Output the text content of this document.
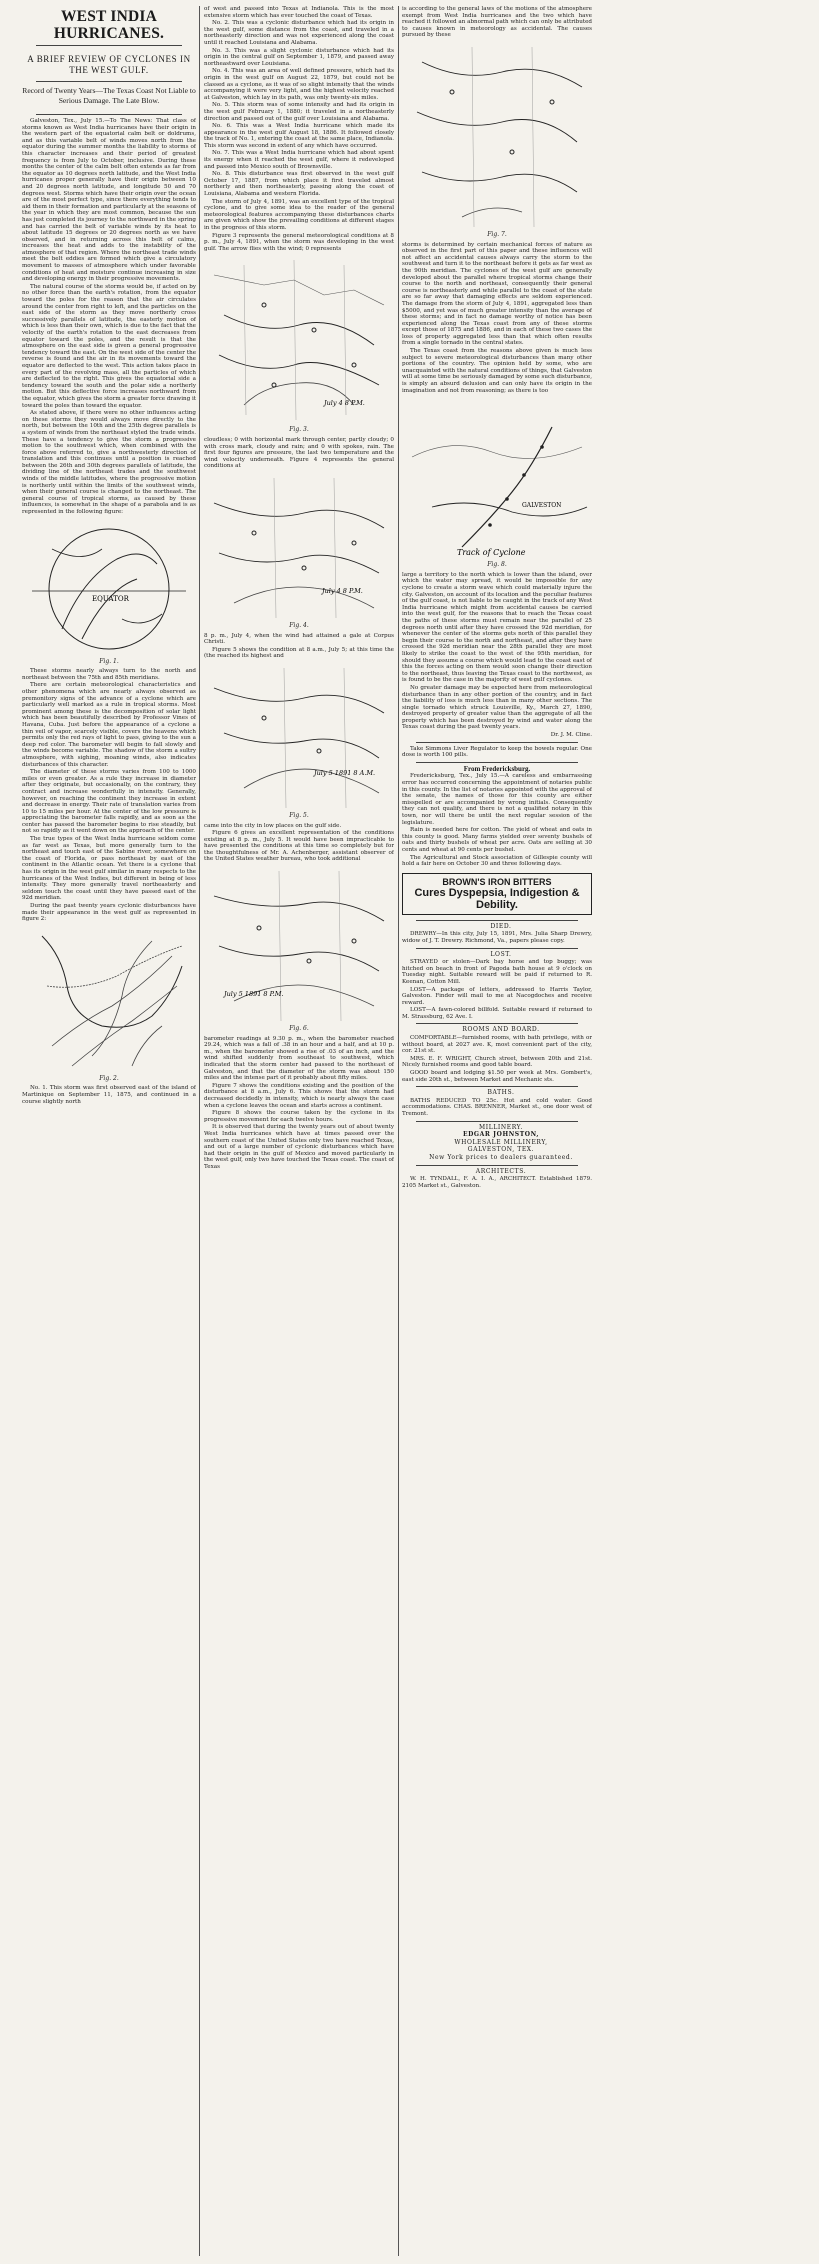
WEST INDIA HURRICANES.
A BRIEF REVIEW OF CYCLONES IN THE WEST GULF.
Record of Twenty Years—The Texas Coast Not Liable to Serious Damage. The Late Blow.

Galveston, Tex., July 15.—To The News: That class of storms known as West India hurricanes have their origin in the western part of the equatorial calm belt or doldrums, and as this variable belt of winds moves north from the equator during the summer months the liability to storms of this character increases and their period of greatest frequency is from July to October, inclusive. During these months the center of the calm belt often extends as far from the equator as 10 degrees north latitude, and the West India hurricanes proper generally have their origin between 10 and 20 degrees north latitude, and longitude 50 and 70 degrees west. Storms which have their origin over the ocean are of the most perfect type, since there everything tends to aid them in their formation and particularly at the seasons of the year in which they are most common, because the sun has just completed its journey to the northward in the spring and has carried the belt of variable winds by its heat to about latitude 15 degrees or 20 degrees north as we have observed, and in returning across this belt of calms, increases the heat and adds to the instability of the atmosphere of that region. Where the northeast trade winds meet the belt eddies are formed which give a circulatory movement to masses of atmosphere which under favorable conditions of heat and moisture continue increasing in size and developing energy in their progressive movements.

The natural course of the storms would be, if acted on by no other force than the earth's rotation, from the equator toward the poles for the reason that the air circulates around the center from right to left, and the particles on the east side of the storm as they move northerly cross successively parallels of latitude, the easterly motion of which is less than their own, which is due to the fact that the velocity of the earth's rotation to the east decreases from equator toward the poles, and the result is that the atmosphere on the east side is given a general progressive tendency toward the east. On the west side of the center the reverse is found and the air in its movements toward the equator are deflected to the west. This action takes place in every part of the revolving mass, all the particles of which are deflected to the right. This gives the equatorial side a tendency toward the south and the polar side a northerly motion. But this deflective force increases northward from the equator, which gives the storm a greater force drawing it toward the poles than toward the equator.

As stated above, if there were no other influences acting on these storms they would always move directly to the north, but between the 10th and the 25th degree parallels is a system of winds from the northeast styled the trade winds. These have a tendency to give the storm a progressive motion to the southwest which, when combined with the force above referred to, give a northwesterly direction of translation and this continues until a position is reached between the 26th and 30th degrees parallels of latitude, the dividing line of the northeast trades and the southwest winds of the middle latitudes, where the progressive motion is northerly until within the limits of the southwest winds, when their general course is changed to the northeast. The general course of tropical storms, as caused by these influences, is somewhat in the shape of a parabola and is as represented in the following figure:

EQUATOR

Fig. 1.

These storms nearly always turn to the north and northeast between the 75th and 85th meridians.

There are certain meteorological characteristics and other phenomena which are nearly always observed as premonitory signs of the advance of a cyclone which are particularly well marked as a rule in tropical storms. Most prominent among these is the decomposition of solar light which has been beautifully described by Professor Vines of Havana, Cuba. Just before the appearance of a cyclone a thin veil of vapor, scarcely visible, covers the heavens which permits only the red rays of light to pass, giving to the sun a deep red color. The barometer will begin to fall slowly and the winds become variable. The shadow of the storm a sultry atmosphere, with sighing, moaning winds, also indicates disturbances of this character.

The diameter of these storms varies from 100 to 1000 miles or even greater. As a rule they increase in diameter after they originate, but occasionally, on the contrary, they contract and increase wonderfully in intensity. Generally, however, on reaching the continent they increase in extent and decrease in energy. Their rate of translation varies from 10 to 15 miles per hour. At the center of the low pressure is appreciating the barometer falls rapidly, and as soon as the center has passed the barometer begins to rise steadily, but not so rapidly as it went down on the approach of the center.

The true types of the West India hurricane seldom come as far west as Texas, but more generally turn to the northeast and touch east of the Sabine river, somewhere on the coast of Florida, or pass northeast by east of the continent in the Atlantic ocean. Yet there is a cyclone that has its origin in the west gulf similar in many respects to the hurricanes of the West Indies, but different in being of less intensity. They more generally travel northeasterly and seldom touch the coast until they have passed east of the 92d meridian.

During the past twenty years cyclonic disturbances have made their appearance in the west gulf as represented in figure 2:

Fig. 2.

No. 1. This storm was first observed east of the island of Martinique on September 11, 1875, and continued in a course slightly north

of west and passed into Texas at Indianola. This is the most extensive storm which has ever touched the coast of Texas.

No. 2. This was a cyclonic disturbance which had its origin in the west gulf, some distance from the coast, and traveled in a northeasterly direction and was not experienced along the coast until it reached Louisiana and Alabama.

No. 3. This was a slight cyclonic disturbance which had its origin in the central gulf on September 1, 1879, and passed away northeastward over Louisiana.

No. 4. This was an area of well defined pressure, which had its origin in the west gulf on August 22, 1879, but could not be classed as a cyclone, as it was of so slight intensity that the winds accompanying it were very light, and the highest velocity reached at Galveston, which lay in its path, was only twenty-six miles.

No. 5. This storm was of some intensity and had its origin in the west gulf February 1, 1880; it traveled in a northeasterly direction and passed out of the gulf over Louisiana and Alabama.

No. 6. This was a West India hurricane which made its appearance in the west gulf August 18, 1886. It followed closely the track of No. 1, entering the coast at the same place, Indianola. This storm was second in extent of any which have occurred.

No. 7. This was a West India hurricane which had about spent its energy when it reached the west gulf, where it redeveloped and passed into Mexico south of Brownsville.

No. 8. This disturbance was first observed in the west gulf October 17, 1887, from which place it first traveled almost northerly and then northeasterly, passing along the coast of Louisiana, Alabama and western Florida.

The storm of July 4, 1891, was an excellent type of the tropical cyclone, and to give some idea to the reader of the general meteorological features accompanying these disturbances charts are given which show the prevailing conditions at different stages in the progress of this storm.

Figure 3 represents the general meteorological conditions at 8 p. m., July 4, 1891, when the storm was developing in the west gulf. The arrow flies with the wind; 0 represents

July 4 8 P.M.

Fig. 3.

cloudless; 0 with horizontal mark through center, partly cloudy; 0 with cross mark, cloudy and rain; and 0 with spokes, rain. The first four figures are pressure, the last two temperature and the wind velocity underneath. Figure 4 represents the general conditions at

July 4 8 P.M.

Fig. 4.

8 p. m., July 4, when the wind had attained a gale at Corpus Christi.

Figure 5 shows the condition at 8 a.m., July 5; at this time the (the reached its highest and

July 5 1891 8 A.M.

Fig. 5.

came into the city in low places on the gulf side.

Figure 6 gives an excellent representation of the conditions existing at 8 p. m., July 5. It would have been impracticable to have presented the conditions at this time so completely but for the thoughtfulness of Mr. A. Achenberger, assistant observer of the United States weather bureau, who took additional

July 5 1891 8 P.M.

Fig. 6.

barometer readings at 9.30 p. m., when the barometer reached 29.24, which was a fall of .38 in an hour and a half, and at 10 p. m., when the barometer showed a rise of .03 of an inch, and the wind shifted suddenly from southeast to southwest, which indicated that the storm center had passed to the northeast of Galveston, and that the diameter of the storm was about 150 miles and the intense part of it probably about fifty miles.

Figure 7 shows the conditions existing and the position of the disturbance at 8 a.m., July 6. This shows that the storm had decreased decidedly in intensity, which is nearly always the case when a cyclone leaves the ocean and starts across a continent.

Figure 8 shows the course taken by the cyclone in its progressive movement for each twelve hours.

It is observed that during the twenty years out of about twenty West India hurricanes which have at times passed over the southern coast of the United States only two have reached Texas, and out of a large number of cyclonic disturbances which have had their origin in the gulf of Mexico and moved particularly in the west gulf, only two have touched the Texas coast. The coast of Texas

is according to the general laws of the motions of the atmosphere exempt from West India hurricanes and the two which have reached it followed an abnormal path which can only be attributed to causes known in meteorology as accidental. The causes pursued by these

Fig. 7.

storms is determined by certain mechanical forces of nature as observed in the first part of this paper and these influences will not affect an accidental causes always carry the storm to the southwest and turn it to the northeast before it gets as far west as the 90th meridian. The cyclones of the west gulf are generally developed about the parallel where tropical storms change their course to the north and northeast, consequently their general course is northeasterly and while parallel to the coast of the state are so far away that damaging effects are seldom experienced. The damage from the storm of July 4, 1891, aggregated less than $5000, and yet was of much greater intensity than the average of these storms; and in fact no damage worthy of notice has been experienced along the Texas coast from any of these storms except those of 1875 and 1886, and in each of these two cases the loss of property aggregated less than that which often results from a single tornado in the central states.

The Texas coast from the reasons above given is much less subject to severe meteorological disturbances than many other portions of the country. The opinion held by some, who are unacquainted with the natural conditions of things, that Galveston will at some time be seriously damaged by some such disturbance, is simply an absurd delusion and can only have its origin in the imagination and not from reasoning; as there is too

GALVESTON
Track of Cyclone

Fig. 8.

large a territory to the north which is lower than the island, over which the water may spread, it would be impossible for any cyclone to create a storm wave which could materially injure the city. Galveston, on account of its location and the peculiar features of the gulf coast, is not liable to be caught in the track of any West India hurricane which might from accidental causes be carried into the west gulf, for the reasons that to reach the Texas coast the paths of these storms must remain near the parallel of 25 degrees north until after they have crossed the 92d meridian, for whenever the center of the storms gets north of this parallel they begin their course to the north and northeast, and after they have crossed the 92d meridian near the 28th parallel they are most likely to strike the coast to the west of the 95th meridian, for should they assume a course which would lead to the coast east of this the forces acting on them would soon change their direction to the northeast, thus leaving the Texas coast to the northwest, as is found to be the case in the majority of west gulf cyclones.

No greater damage may be expected here from meteorological disturbance than in any other portion of the country, and in fact the liability of loss is much less than in many other sections. The single tornado which struck Louisville, Ky., March 27, 1890, destroyed property of greater value than the aggregate of all the property which has been destroyed by wind and water along the Texas coast during the past twenty years.

Dr. J. M. Cline.

Take Simmons Liver Regulator to keep the bowels regular. One dose is worth 100 pills.

From Fredericksburg.

Fredericksburg, Tex., July 15.—A careless and embarrassing error has occurred concerning the appointment of notaries public in this county. In the list of notaries appointed with the approval of the senate, the names of those for this county are either misspelled or are accompanied by wrong initials. Consequently they can not qualify, and there is not a qualified notary in this town, nor will there be until the next regular session of the legislature.

Rain is needed here for cotton. The yield of wheat and oats in this county is good. Many farms yielded over seventy bushels of oats and thirty bushels of wheat per acre. Oats are selling at 30 cents and wheat at 90 cents per bushel.

The Agricultural and Stock association of Gillespie county will hold a fair here on October 30 and three following days.

BROWN'S IRON BITTERS
Cures Dyspepsia, Indigestion & Debility.

DIED.

DREWRY—In this city, July 15, 1891, Mrs. Julia Sharp Drewry, widow of J. T. Drewry. Richmond, Va., papers please copy.

LOST.

STRAYED or stolen—Dark bay horse and top buggy; was hitched on beach in front of Pagoda bath house at 9 o'clock on Tuesday night. Suitable reward will be paid if returned to R. Keenan, Cotton Mill.

LOST—A package of letters, addressed to Harris Taylor, Galveston. Finder will mail to me at Nacogdoches and receive reward.

LOST—A fawn-colored billfold. Suitable reward if returned to M. Strassburg, 62 Ave. I.

ROOMS AND BOARD.

COMFORTABLE—furnished rooms, with bath privilege, with or without board, at 2027 ave. K, most convenient part of the city, cor. 21st st.

MRS. E. F. WRIGHT, Church street, between 20th and 21st. Nicely furnished rooms and good table board.

GOOD board and lodging $1.50 per week at Mrs. Gombert's, east side 20th st., between Market and Mechanic sts.

BATHS.

BATHS REDUCED TO 25c. Hot and cold water. Good accommodations. CHAS. BRENNER, Market st., one door west of Tremont.

MILLINERY.

EDGAR JOHNSTON,

WHOLESALE MILLINERY,

GALVESTON, TEX.

New York prices to dealers guaranteed.

ARCHITECTS.

W. H. TYNDALL, F. A. I. A., ARCHITECT. Established 1879. 2105 Market st., Galveston.
